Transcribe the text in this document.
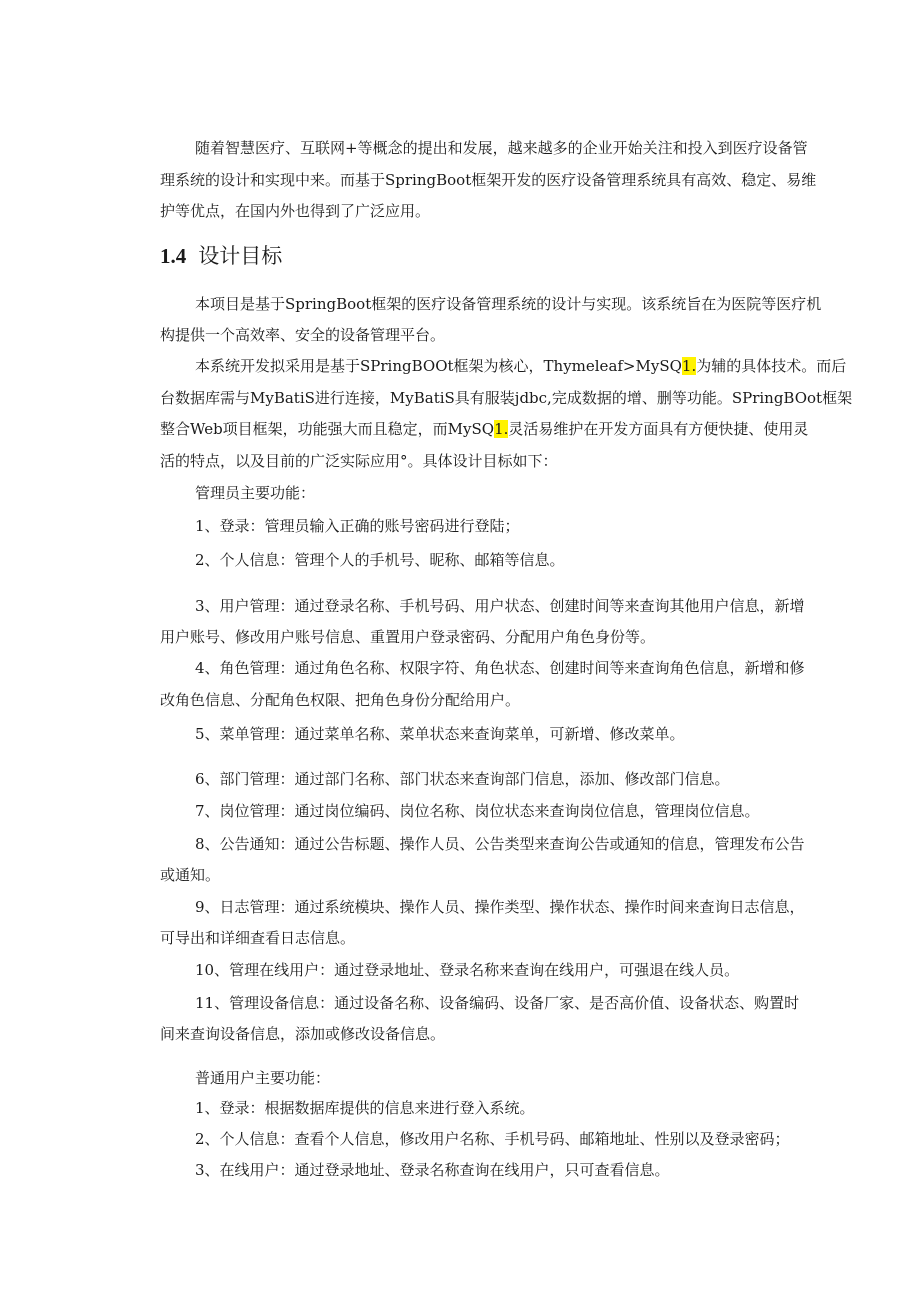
随着智慧医疗、互联网+等概念的提出和发展，越来越多的企业开始关注和投入到医疗设备管
理系统的设计和实现中来。而基于SpringBoot框架开发的医疗设备管理系统具有高效、稳定、易维
护等优点，在国内外也得到了广泛应用。
1.4 设计目标
本项目是基于SpringBoot框架的医疗设备管理系统的设计与实现。该系统旨在为医院等医疗机
构提供一个高效率、安全的设备管理平台。
本系统开发拟采用是基于SPringBOOt框架为核心，Thymeleaf>MySQ1.为辅的具体技术。而后
台数据库需与MyBatiS进行连接，MyBatiS具有服装jdbc,完成数据的增、删等功能。SPringBOot框架
整合Web项目框架，功能强大而且稳定，而MySQ1.灵活易维护在开发方面具有方便快捷、使用灵
活的特点，以及目前的广泛实际应用°。具体设计目标如下：
管理员主要功能：
1、登录：管理员输入正确的账号密码进行登陆；
2、个人信息：管理个人的手机号、昵称、邮箱等信息。
3、用户管理：通过登录名称、手机号码、用户状态、创建时间等来查询其他用户信息，新增
用户账号、修改用户账号信息、重置用户登录密码、分配用户角色身份等。
4、角色管理：通过角色名称、权限字符、角色状态、创建时间等来查询角色信息，新增和修
改角色信息、分配角色权限、把角色身份分配给用户。
5、菜单管理：通过菜单名称、菜单状态来查询菜单，可新增、修改菜单。
6、部门管理：通过部门名称、部门状态来查询部门信息，添加、修改部门信息。
7、岗位管理：通过岗位编码、岗位名称、岗位状态来查询岗位信息，管理岗位信息。
8、公告通知：通过公告标题、操作人员、公告类型来查询公告或通知的信息，管理发布公告
或通知。
9、日志管理：通过系统模块、操作人员、操作类型、操作状态、操作时间来查询日志信息，
可导出和详细查看日志信息。
10、管理在线用户：通过登录地址、登录名称来查询在线用户，可强退在线人员。
11、管理设备信息：通过设备名称、设备编码、设备厂家、是否高价值、设备状态、购置时
间来查询设备信息，添加或修改设备信息。
普通用户主要功能：
1、登录：根据数据库提供的信息来进行登入系统。
2、个人信息：查看个人信息，修改用户名称、手机号码、邮箱地址、性别以及登录密码；
3、在线用户：通过登录地址、登录名称查询在线用户，只可查看信息。
